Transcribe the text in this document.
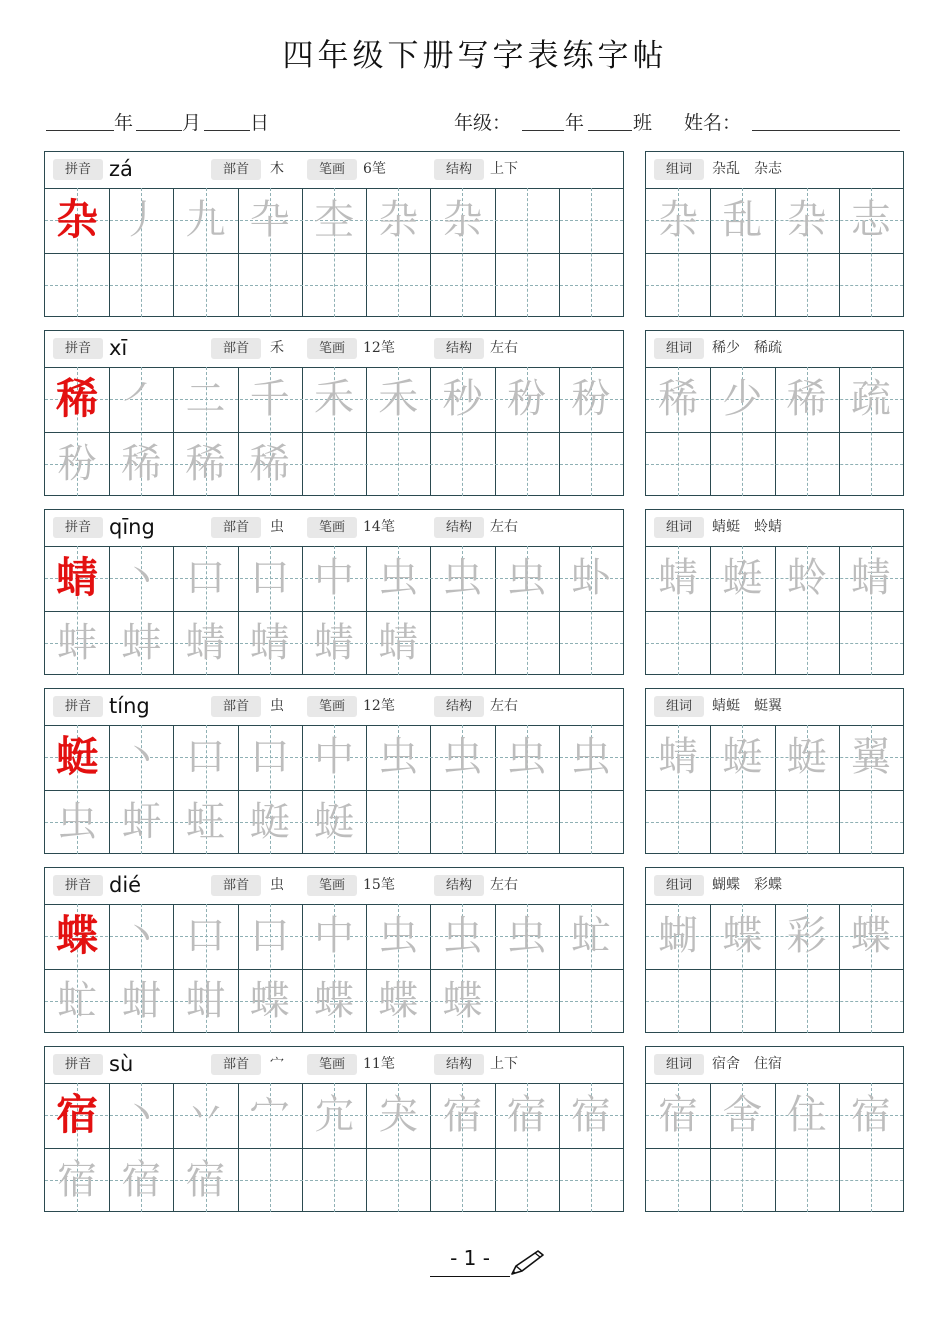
四年级下册写字表练字帖
年	月	日	年级：	年	班 姓名：
拼音 zá	部首	木	笔画	6笔	结构	上下
杂 丿 九 卆 杢 杂 杂
组词	杂乱　杂志
杂 乱 杂 志
拼音 xī	部首	禾	笔画	12笔	结构	左右
稀 ㇒ 二 千 禾 禾 秒 秎 秎
秎 稀 稀 稀
组词	稀少　稀疏
稀 少 稀 疏
拼音 qīng	部首	虫	笔画	14笔	结构	左右
蜻 丶 口 口 中 虫 虫 虫 虲
蚌 蚌 蜻 蜻 蜻 蜻
组词	蜻蜓　蛉蜻
蜻 蜓 蛉 蜻
拼音 tíng	部首	虫	笔画	12笔	结构	左右
蜓 丶 口 口 中 虫 虫 虫 虫
虫 虷 蚟 蜓 蜓
组词	蜻蜓　蜓翼
蜻 蜓 蜓 翼
拼音 dié	部首	虫	笔画	15笔	结构	左右
蝶 丶 口 口 中 虫 虫 虫 虻
虻 蚶 蚶 蝶 蝶 蝶 蝶
组词	蝴蝶　彩蝶
蝴 蝶 彩 蝶
拼音 sù	部首	宀	笔画	11笔	结构	上下
宿 丶 丷 宀 宂 宊 宿 宿 宿
宿 宿 宿
组词	宿舍　住宿
宿 舍 住 宿
- 1 -
